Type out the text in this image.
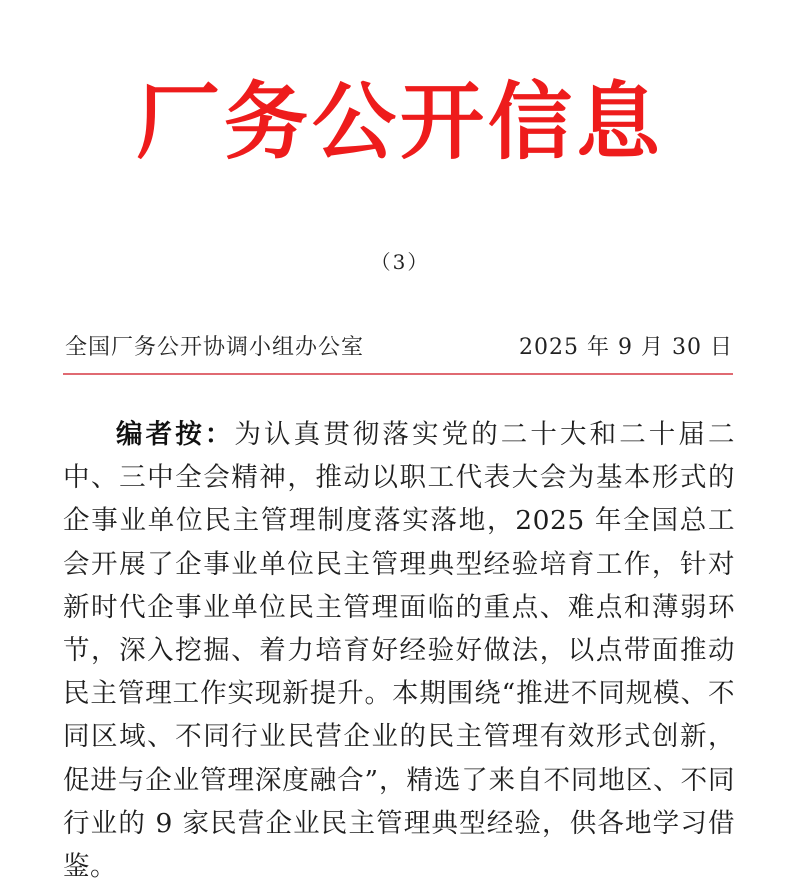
厂务公开信息
（3）
全国厂务公开协调小组办公室	2025 年 9 月 30 日
编者按：为认真贯彻落实党的二十大和二十届二中、三中全会精神，推动以职工代表大会为基本形式的企事业单位民主管理制度落实落地，2025 年全国总工会开展了企事业单位民主管理典型经验培育工作，针对新时代企事业单位民主管理面临的重点、难点和薄弱环节，深入挖掘、着力培育好经验好做法，以点带面推动民主管理工作实现新提升。本期围绕“推进不同规模、不同区域、不同行业民营企业的民主管理有效形式创新，促进与企业管理深度融合”，精选了来自不同地区、不同行业的 9 家民营企业民主管理典型经验，供各地学习借鉴。
